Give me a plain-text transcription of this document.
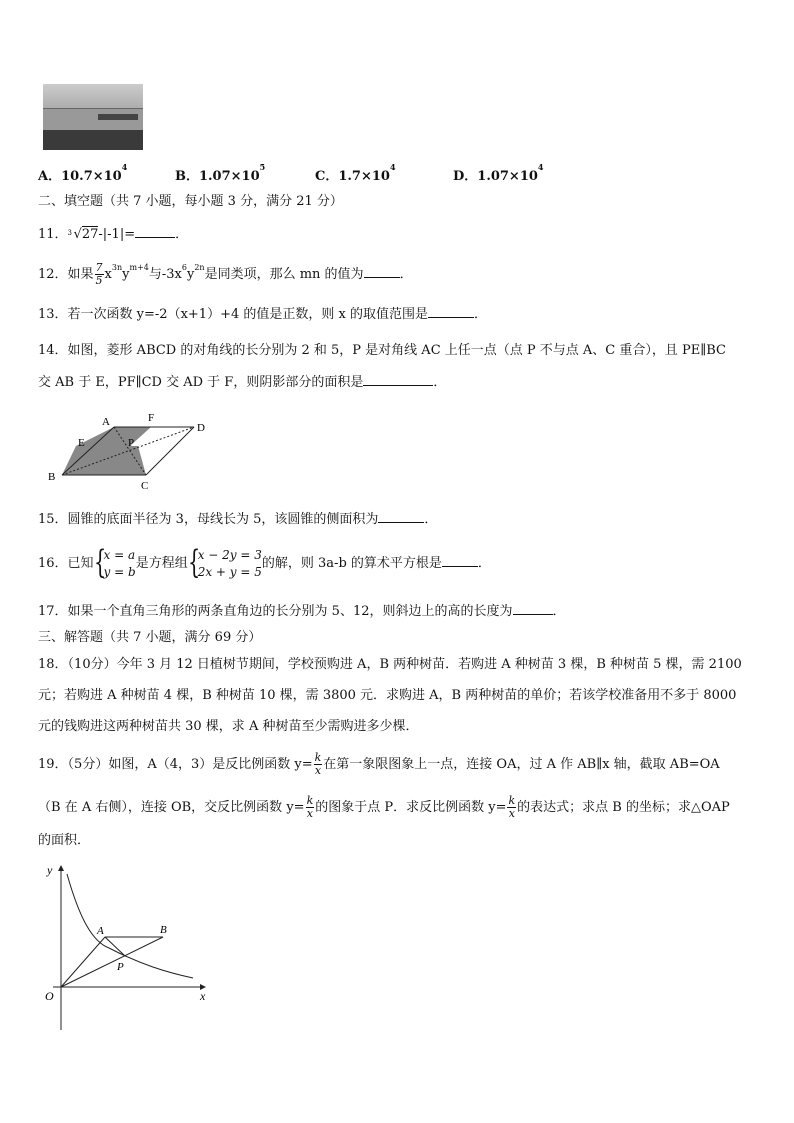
A．$10.7\times 10^4$
B．$1.07\times 10^5$
C．$1.7\times 10^4$
D．$1.07\times 10^4$
二、填空题（共 7 小题，每小题 3 分，满分 21 分）
11． 3 √27-|-1|=	．
12．如果 $\frac{7}{5} x^{3n}y^{m+4}$与$-3x^6y^{2n}$是同类项，那么 mn 的值为	．
13．若一次函数 y=-2（x+1）+4 的值是正数，则 x 的取值范围是	．
14．如图，菱形 ABCD 的对角线的长分别为 2 和 5，P 是对角线 AC 上任一点（点 P 不与点 A、C 重合），且 PE∥BC
交 AB 于 E，PF∥CD 交 AD 于 F，则阴影部分的面积是	．
A	F
D
E	P
B
C
15．圆锥的底面半径为 3，母线长为 5，该圆锥的侧面积为	．
16．已知 {
x = a
y = b
是方程组 {
x − 2y = 3
2x + y = 5
的解，则 3a-b 的算术平方根是	．
17．如果一个直角三角形的两条直角边的长分别为 5、12，则斜边上的高的长度为	．
三、解答题（共 7 小题，满分 69 分）
18．（10分）今年 3 月 12 日植树节期间，学校预购进 A，B 两种树苗．若购进 A 种树苗 3 棵，B 种树苗 5 棵，需 2100
元；若购进 A 种树苗 4 棵，B 种树苗 10 棵，需 3800 元．求购进 A，B 两种树苗的单价；若该学校准备用不多于 8000
元的钱购进这两种树苗共 30 棵，求 A 种树苗至少需购进多少棵．
19．（5分）如图，A（4，3）是反比例函数 $y= \frac{k}{x}$ 在第一象限图象上一点，连接 OA，过 A 作 AB∥x 轴，截取 AB=OA
（B 在 A 右侧），连接 OB，交反比例函数 $y= \frac{k}{x}$ 的图象于点 P．求反比例函数 $y= \frac{k}{x}$ 的表达式；求点 B 的坐标；求△OAP
的面积．
y
x
O
A	B
P
